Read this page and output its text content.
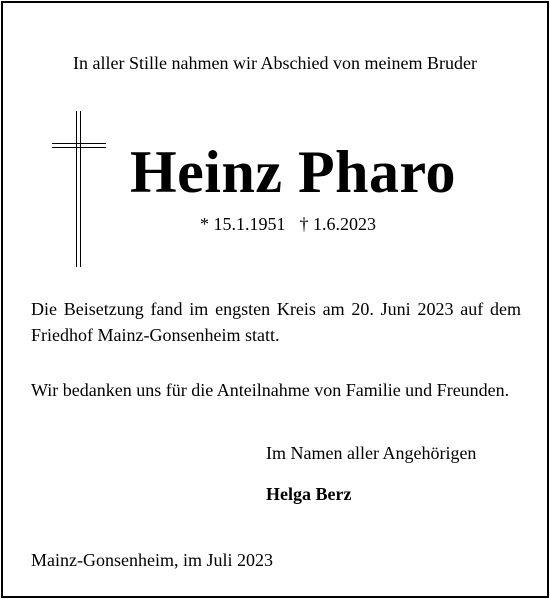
In aller Stille nahmen wir Abschied von meinem Bruder
Heinz Pharo
* 15.1.1951 † 1.6.2023
Die Beisetzung fand im engsten Kreis am 20. Juni 2023 auf dem Friedhof Mainz-Gonsenheim statt.
Wir bedanken uns für die Anteilnahme von Familie und Freunden.
Im Namen aller Angehörigen
Helga Berz
Mainz-Gonsenheim, im Juli 2023
